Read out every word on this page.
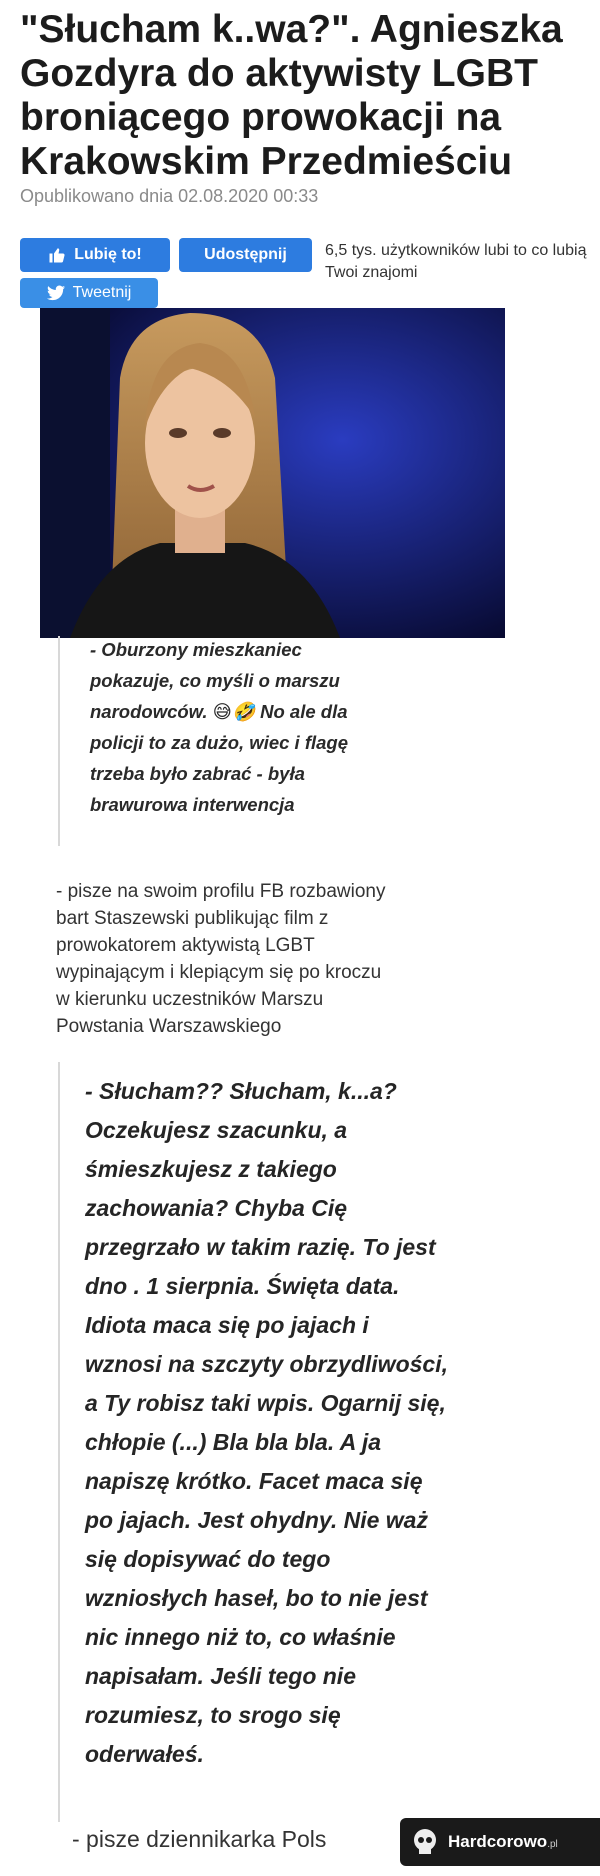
"Słucham k..wa?". Agnieszka
Gozdyra do aktywisty LGBT
broniącego prowokacji na
Krakowskim Przedmieściu
Opublikowano dnia 02.08.2020 00:33
Lubię to!	Udostępnij
Tweetnij
6,5 tys. użytkowników lubi to co lubią Twoi znajomi
- Oburzony mieszkaniec
pokazuje, co myśli o marszu
narodowców. 😅🤣 No ale dla
policji to za dużo, wiec i flagę
trzeba było zabrać - była
brawurowa interwencja
- pisze na swoim profilu FB rozbawiony
bart Staszewski publikując film z
prowokatorem aktywistą LGBT
wypinającym i klepiącym się po kroczu
w kierunku uczestników Marszu
Powstania Warszawskiego
- Słucham?? Słucham, k...a?
Oczekujesz szacunku, a
śmieszkujesz z takiego
zachowania? Chyba Cię
przegrzało w takim razię. To jest
dno . 1 sierpnia. Święta data.
Idiota maca się po jajach i
wznosi na szczyty obrzydliwości,
a Ty robisz taki wpis. Ogarnij się,
chłopie (...) Bla bla bla. A ja
napiszę krótko. Facet maca się
po jajach. Jest ohydny. Nie waż
się dopisywać do tego
wzniosłych haseł, bo to nie jest
nic innego niż to, co właśnie
napisałam. Jeśli tego nie
rozumiesz, to srogo się
oderwałeś.
- pisze dziennikarka Pols	Hardcorowo.pl
